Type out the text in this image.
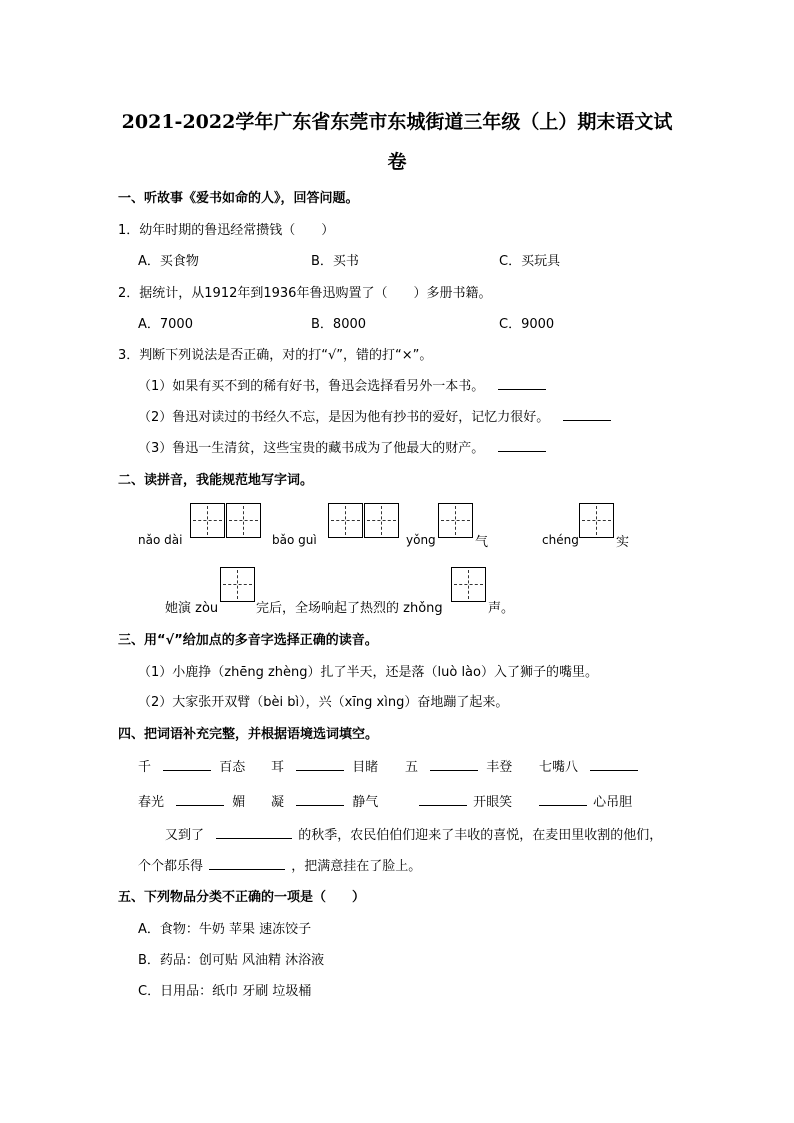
2021-2022学年广东省东莞市东城街道三年级（上）期末语文试
卷
一、听故事《爱书如命的人》，回答问题。
1．幼年时期的鲁迅经常攒钱（　　）
A．买食物	B．买书	C．买玩具
2．据统计，从1912年到1936年鲁迅购置了（　　）多册书籍。
A．7000	B．8000	C．9000
3．判断下列说法是否正确，对的打“√”，错的打“×”。
（1）如果有买不到的稀有好书，鲁迅会选择看另外一本书。
（2）鲁迅对读过的书经久不忘，是因为他有抄书的爱好，记忆力很好。
（3）鲁迅一生清贫，这些宝贵的藏书成为了他最大的财产。
二、读拼音，我能规范地写字词。
nǎo dài	bǎo guì	yǒng	气	chéng	实
她演 zòu	完后，全场响起了热烈的 zhǒng	声。
三、用“√”给加点的多音字选择正确的读音。
（1）小鹿挣（zhēng zhèng）扎了半天，还是落（luò lào）入了狮子的嘴里。
（2）大家张开双臂（bèi bì），兴（xīng xìng）奋地蹦了起来。
四、把词语补充完整，并根据语境选词填空。
千	百态 耳	目睹 五	丰登 七嘴八
春光	媚 凝	静气	开眼笑	心吊胆
又到了	的秋季，农民伯伯们迎来了丰收的喜悦，在麦田里收割的他们，
个个都乐得	，把满意挂在了脸上。
五、下列物品分类不正确的一项是（　　）
A．食物：牛奶 苹果 速冻饺子
B．药品：创可贴 风油精 沐浴液
C．日用品：纸巾 牙刷 垃圾桶
